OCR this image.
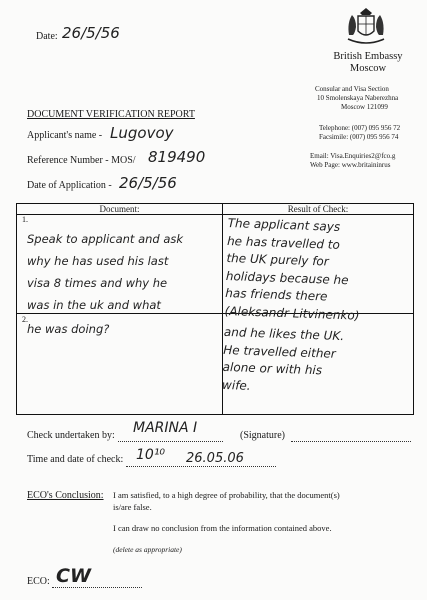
Date: 26/5/56
British Embassy
Moscow
Consular and Visa Section
10 Smolenskaya Naberezhna
Moscow 121099
Telephone: (007) 095 956 72
Facsimile: (007) 095 956 74
Email: Visa.Enquiries2@fco.g
Web Page: www.britaininrus
DOCUMENT VERIFICATION REPORT
Applicant's name - Lugovoy
Reference Number - MOS/ 819490
Date of Application - 26/5/56
Document:	Result of Check:
1.
2.
Speak to applicant and ask
why he has used his last
visa 8 times and why he
was in the uk and what
he was doing?
The applicant says
he has travelled to
the UK purely for
holidays because he
has friends there
(Aleksandr Litvinenko)
and he likes the UK.
He travelled either
alone or with his
wife.
Check undertaken by: MARINA I	(Signature)
Time and date of check: 10¹⁰ 26.05.06
ECO's Conclusion: I am satisfied, to a high degree of probability, that the document(s)
is/are false.
I can draw no conclusion from the information contained above.
(delete as appropriate)
ECO: CW
